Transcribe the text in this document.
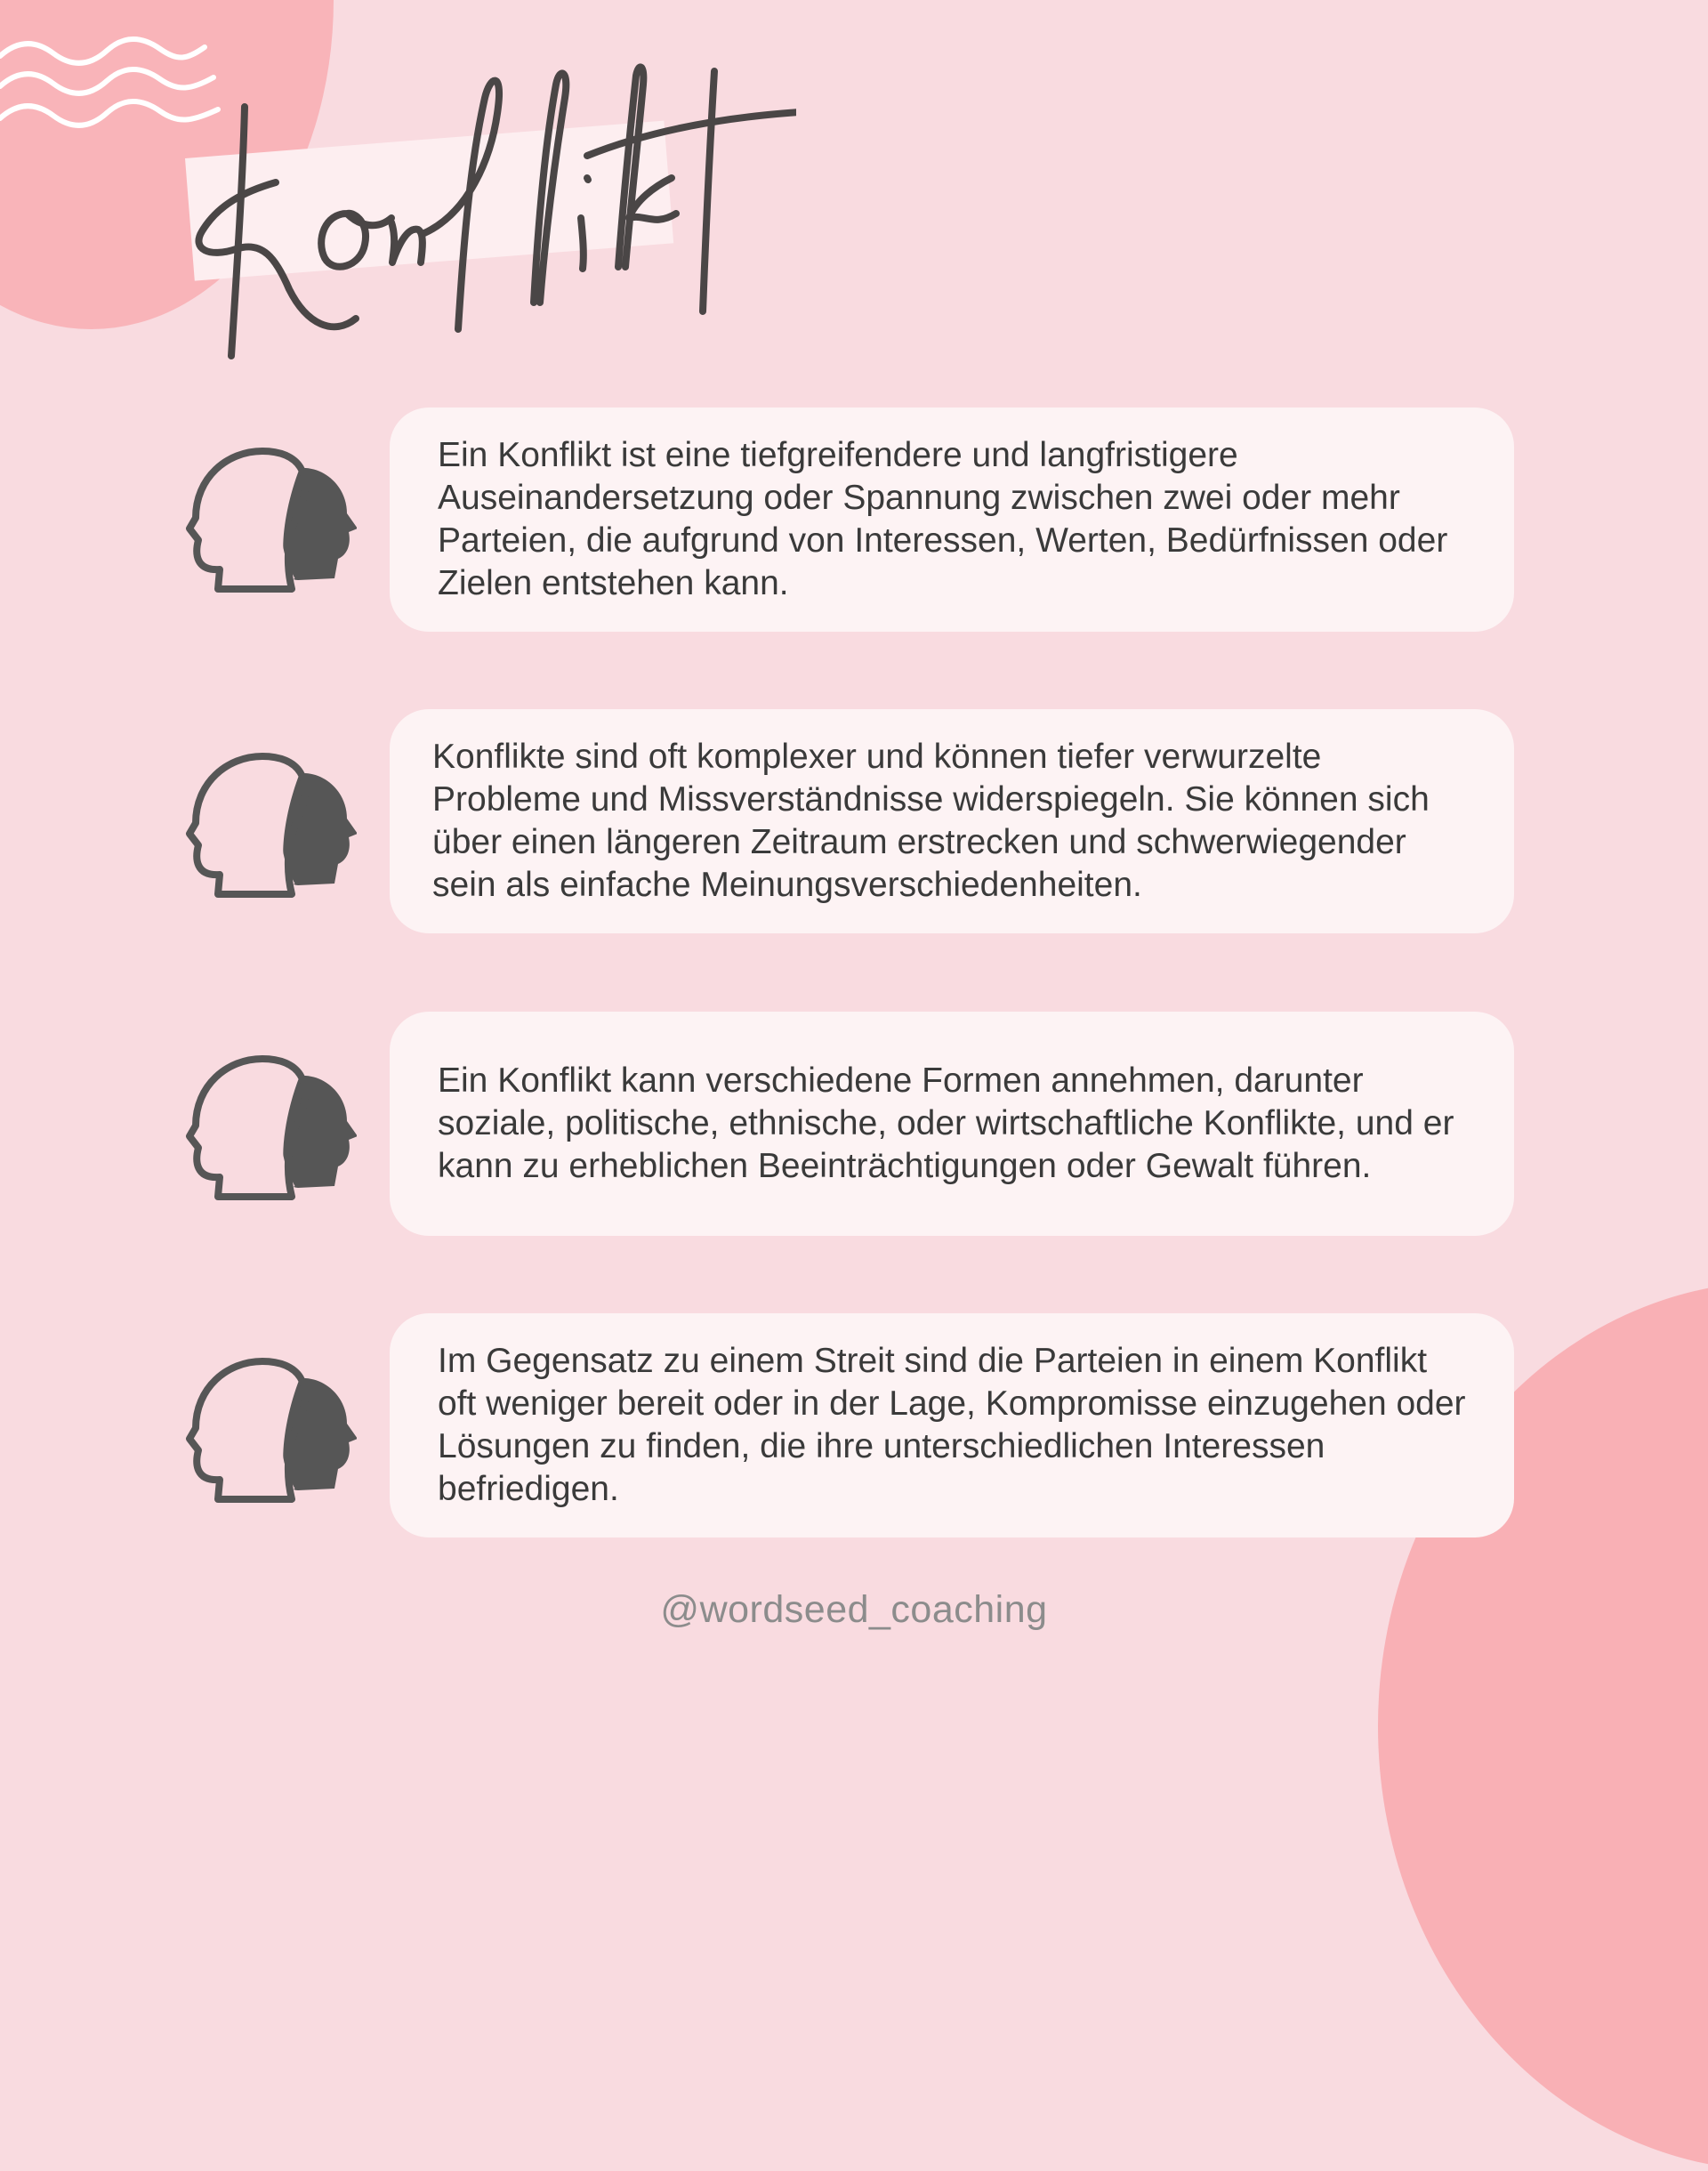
Ein Konflikt ist eine tiefgreifendere und langfristigere Auseinandersetzung oder Spannung zwischen zwei oder mehr Parteien, die aufgrund von Interessen, Werten, Bedürfnissen oder Zielen entstehen kann.
Konflikte sind oft komplexer und können tiefer verwurzelte Probleme und Missverständnisse widerspiegeln. Sie können sich über einen längeren Zeitraum erstrecken und schwerwiegender sein als einfache Meinungsverschiedenheiten.
Ein Konflikt kann verschiedene Formen annehmen, darunter soziale, politische, ethnische, oder wirtschaftliche Konflikte, und er kann zu erheblichen Beeinträchtigungen oder Gewalt führen.
Im Gegensatz zu einem Streit sind die Parteien in einem Konflikt oft weniger bereit oder in der Lage, Kompromisse einzugehen oder Lösungen zu finden, die ihre unterschiedlichen Interessen befriedigen.
@wordseed_coaching
